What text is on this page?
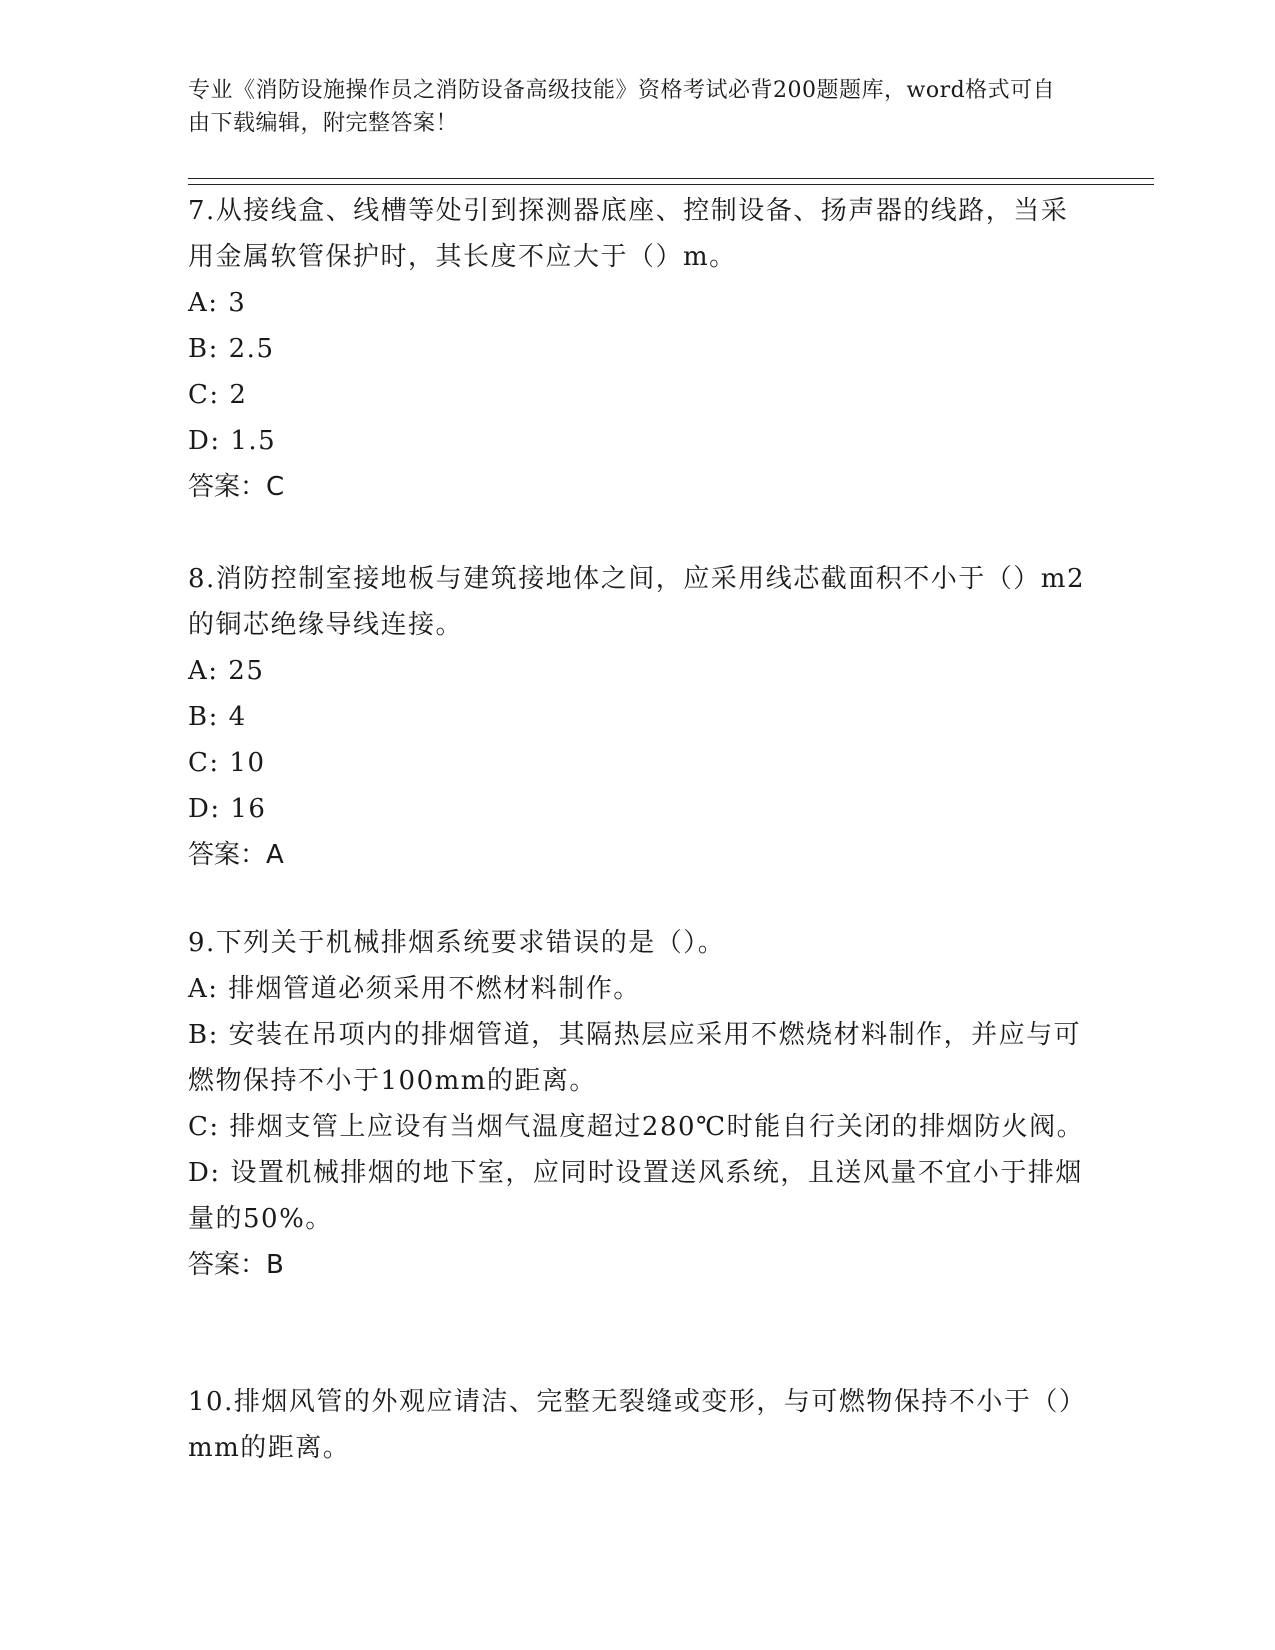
专业《消防设施操作员之消防设备高级技能》资格考试必背200题题库，word格式可自由下载编辑，附完整答案！
7.从接线盒、线槽等处引到探测器底座、控制设备、扬声器的线路，当采用金属软管保护时，其长度不应大于（）m。
A: 3
B: 2.5
C: 2
D: 1.5
答案：C
8.消防控制室接地板与建筑接地体之间，应采用线芯截面积不小于（）m2的铜芯绝缘导线连接。
A: 25
B: 4
C: 10
D: 16
答案：A
9.下列关于机械排烟系统要求错误的是（）。
A: 排烟管道必须采用不燃材料制作。
B: 安装在吊项内的排烟管道，其隔热层应采用不燃烧材料制作，并应与可燃物保持不小于100mm的距离。
C: 排烟支管上应设有当烟气温度超过280℃时能自行关闭的排烟防火阀。
D: 设置机械排烟的地下室，应同时设置送风系统，且送风量不宜小于排烟量的50%。
答案：B
10.排烟风管的外观应请洁、完整无裂缝或变形，与可燃物保持不小于（）mm的距离。
